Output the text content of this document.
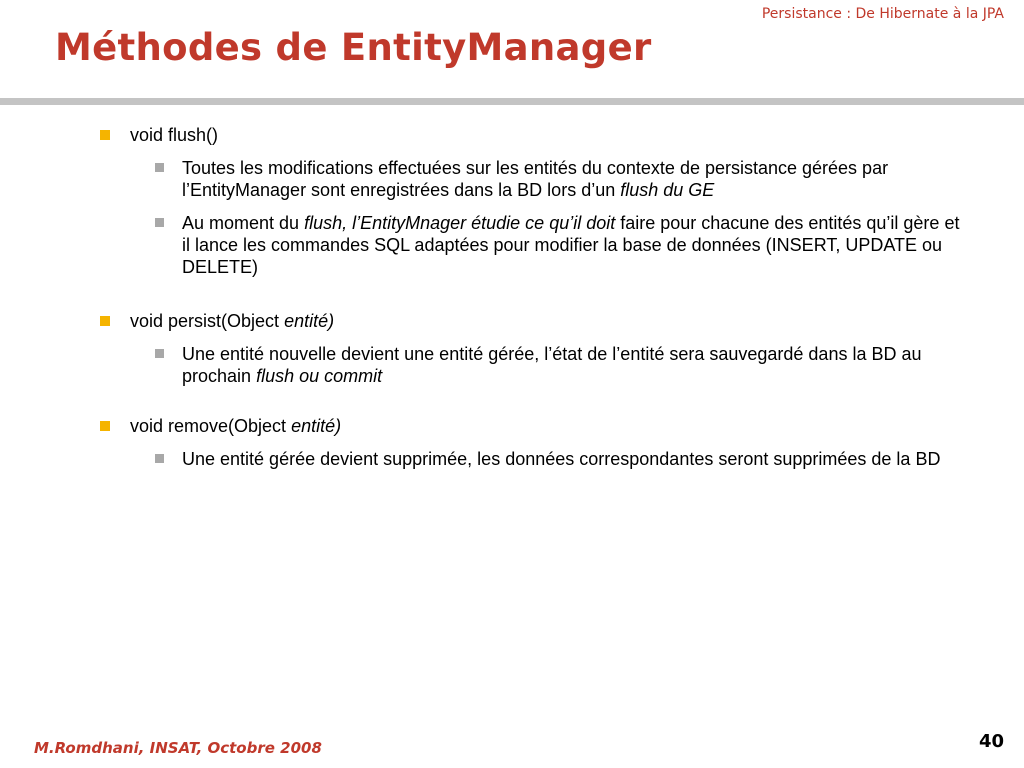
Persistance : De Hibernate à la JPA
Méthodes de EntityManager
void flush()
Toutes les modifications effectuées sur les entités du contexte de persistance gérées par l’EntityManager sont enregistrées dans la BD lors d’un flush du GE
Au moment du flush, l’EntityMnager étudie ce qu’il doit faire pour chacune des entités qu’il gère et il lance les commandes SQL adaptées pour modifier la base de données (INSERT, UPDATE ou DELETE)
void persist(Object entité)
Une entité nouvelle devient une entité gérée, l’état de l’entité sera sauvegardé dans la BD au prochain flush ou commit
void remove(Object entité)
Une entité gérée devient supprimée, les données correspondantes seront supprimées de la BD
M.Romdhani, INSAT, Octobre 2008	40
